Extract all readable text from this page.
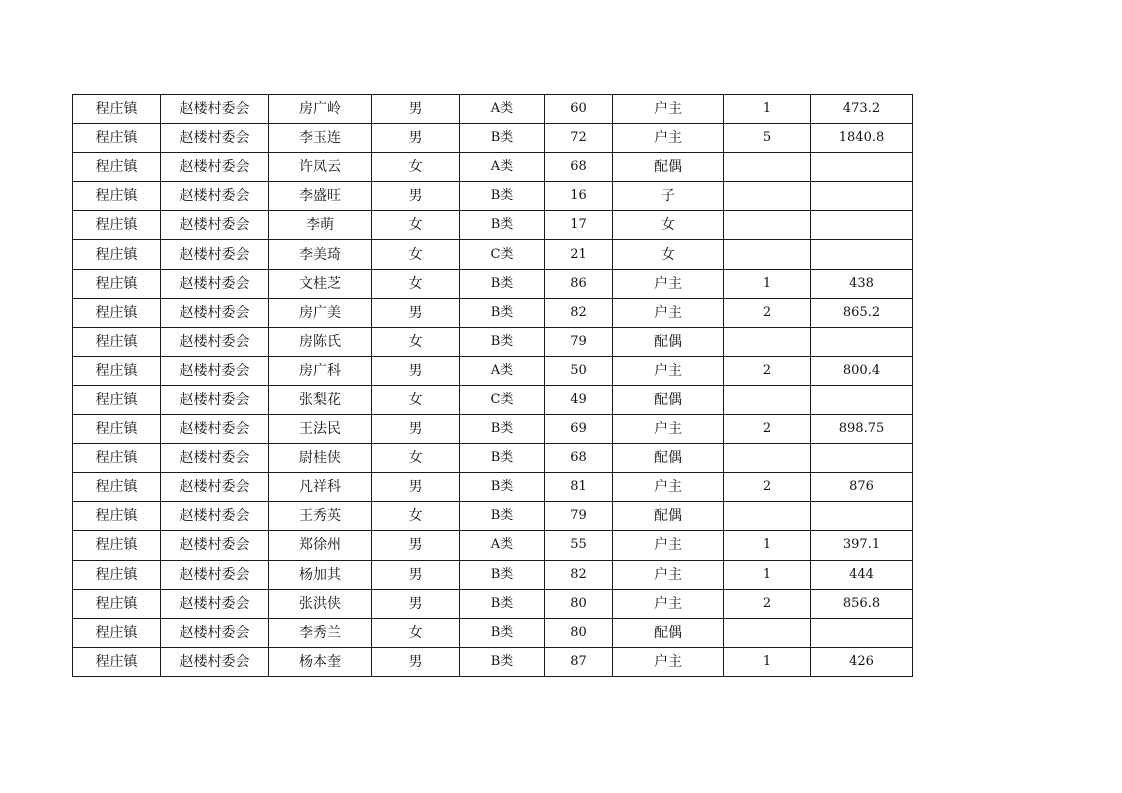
程庄镇	赵楼村委会	房广岭	男	A类	60	户主	1	473.2
程庄镇	赵楼村委会	李玉连	男	B类	72	户主	5	1840.8
程庄镇	赵楼村委会	许凤云	女	A类	68	配偶		
程庄镇	赵楼村委会	李盛旺	男	B类	16	子		
程庄镇	赵楼村委会	李萌	女	B类	17	女		
程庄镇	赵楼村委会	李美琦	女	C类	21	女		
程庄镇	赵楼村委会	文桂芝	女	B类	86	户主	1	438
程庄镇	赵楼村委会	房广美	男	B类	82	户主	2	865.2
程庄镇	赵楼村委会	房陈氏	女	B类	79	配偶		
程庄镇	赵楼村委会	房广科	男	A类	50	户主	2	800.4
程庄镇	赵楼村委会	张梨花	女	C类	49	配偶		
程庄镇	赵楼村委会	王法民	男	B类	69	户主	2	898.75
程庄镇	赵楼村委会	尉桂侠	女	B类	68	配偶		
程庄镇	赵楼村委会	凡祥科	男	B类	81	户主	2	876
程庄镇	赵楼村委会	王秀英	女	B类	79	配偶		
程庄镇	赵楼村委会	郑徐州	男	A类	55	户主	1	397.1
程庄镇	赵楼村委会	杨加其	男	B类	82	户主	1	444
程庄镇	赵楼村委会	张洪侠	男	B类	80	户主	2	856.8
程庄镇	赵楼村委会	李秀兰	女	B类	80	配偶		
程庄镇	赵楼村委会	杨本奎	男	B类	87	户主	1	426
